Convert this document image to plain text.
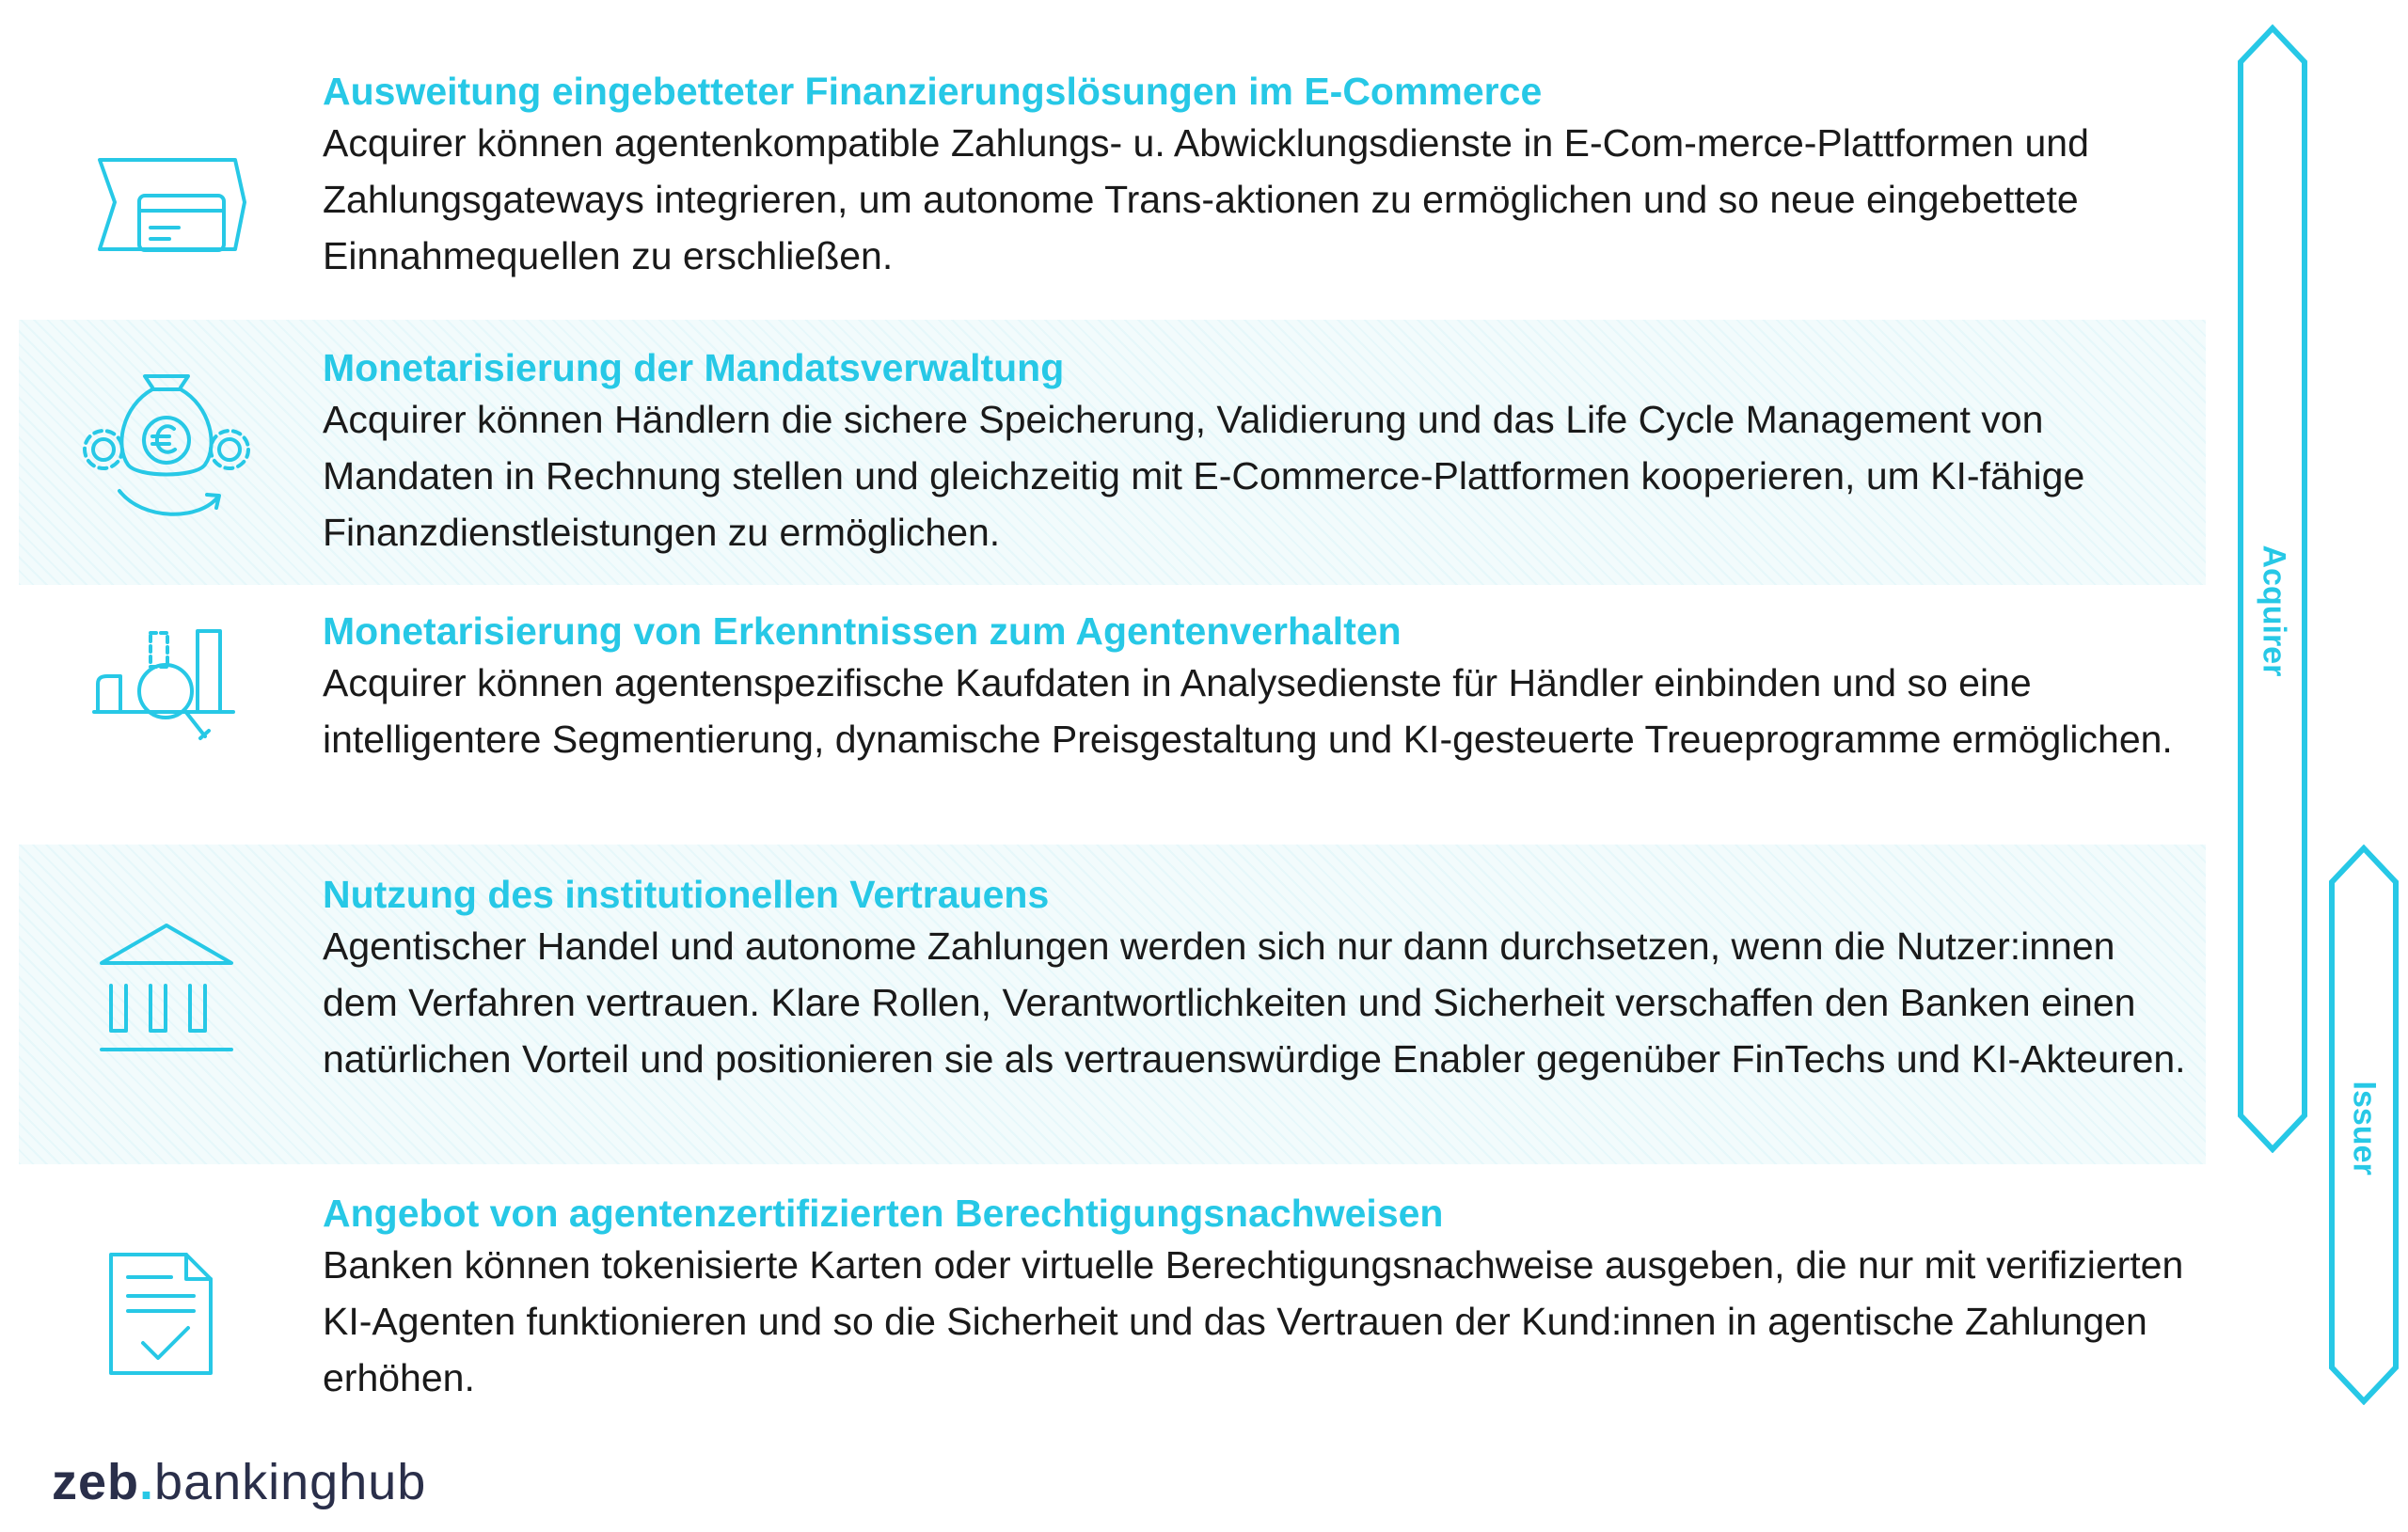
Ausweitung eingebetteter Finanzierungslösungen im E-Commerce

Acquirer können agentenkompatible Zahlungs- u. Abwicklungsdienste in E-Com-merce-Plattformen und Zahlungsgateways integrieren, um autonome Trans-aktionen zu ermöglichen und so neue eingebettete Einnahmequellen zu erschließen.

Monetarisierung der Mandatsverwaltung

Acquirer können Händlern die sichere Speicherung, Validierung und das Life Cycle Management von Mandaten in Rechnung stellen und gleichzeitig mit E-Commerce-Plattformen kooperieren, um KI-fähige Finanzdienstleistungen zu ermöglichen.

Monetarisierung von Erkenntnissen zum Agentenverhalten

Acquirer können agentenspezifische Kaufdaten in Analysedienste für Händler einbinden und so eine intelligentere Segmentierung, dynamische Preisgestaltung und KI-gesteuerte Treueprogramme ermöglichen.

Nutzung des institutionellen Vertrauens

Agentischer Handel und autonome Zahlungen werden sich nur dann durchsetzen, wenn die Nutzer:innen dem Verfahren vertrauen. Klare Rollen, Verantwortlichkeiten und Sicherheit verschaffen den Banken einen natürlichen Vorteil und positionieren sie als vertrauenswürdige Enabler gegenüber FinTechs und KI-Akteuren.

Angebot von agentenzertifizierten Berechtigungsnachweisen

Banken können tokenisierte Karten oder virtuelle Berechtigungsnachweise ausgeben, die nur mit verifizierten KI-Agenten funktionieren und so die Sicherheit und das Vertrauen der Kund:innen in agentische Zahlungen erhöhen.

Acquirer
Issuer
zeb.bankinghub
